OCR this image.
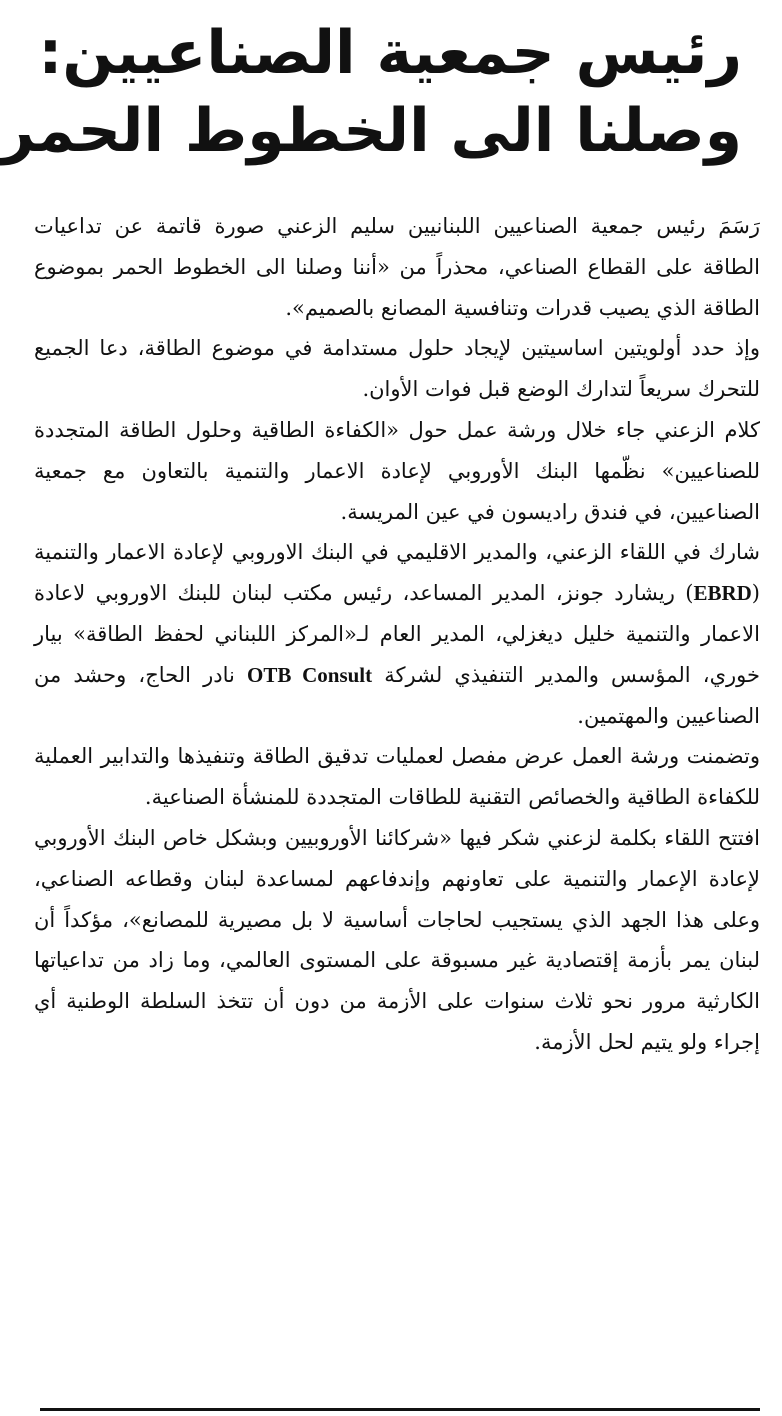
رئيس جمعية الصناعيين:
وصلنا الى الخطوط الحمر

رَسَمَ رئيس جمعية الصناعيين اللبنانيين سليم الزعني صورة قاتمة عن تداعيات الطاقة على القطاع الصناعي، محذراً من «أننا وصلنا الى الخطوط الحمر بموضوع الطاقة الذي يصيب قدرات وتنافسية المصانع بالصميم».

وإذ حدد أولويتين اساسيتين لإيجاد حلول مستدامة في موضوع الطاقة، دعا الجميع للتحرك سريعاً لتدارك الوضع قبل فوات الأوان.

كلام الزعني جاء خلال ورشة عمل حول «الكفاءة الطاقية وحلول الطاقة المتجددة للصناعيين» نظّمها البنك الأوروبي لإعادة الاعمار والتنمية بالتعاون مع جمعية الصناعيين، في فندق راديسون في عين المريسة.

شارك في اللقاء الزعني، والمدير الاقليمي في البنك الاوروبي لإعادة الاعمار والتنمية (EBRD) ريشارد جونز، المدير المساعد، رئيس مكتب لبنان للبنك الاوروبي لاعادة الاعمار والتنمية خليل ديغزلي، المدير العام لـ«المركز اللبناني لحفظ الطاقة» بيار خوري، المؤسس والمدير التنفيذي لشركة OTB Consult نادر الحاج، وحشد من الصناعيين والمهتمين.

وتضمنت ورشة العمل عرض مفصل لعمليات تدقيق الطاقة وتنفيذها والتدابير العملية للكفاءة الطاقية والخصائص التقنية للطاقات المتجددة للمنشأة الصناعية.

افتتح اللقاء بكلمة لزعني شكر فيها «شركائنا الأوروبيين وبشكل خاص البنك الأوروبي لإعادة الإعمار والتنمية على تعاونهم وإندفاعهم لمساعدة لبنان وقطاعه الصناعي، وعلى هذا الجهد الذي يستجيب لحاجات أساسية لا بل مصيرية للمصانع»، مؤكداً أن لبنان يمر بأزمة إقتصادية غير مسبوقة على المستوى العالمي، وما زاد من تداعياتها الكارثية مرور نحو ثلاث سنوات على الأزمة من دون أن تتخذ السلطة الوطنية أي إجراء ولو يتيم لحل الأزمة.
